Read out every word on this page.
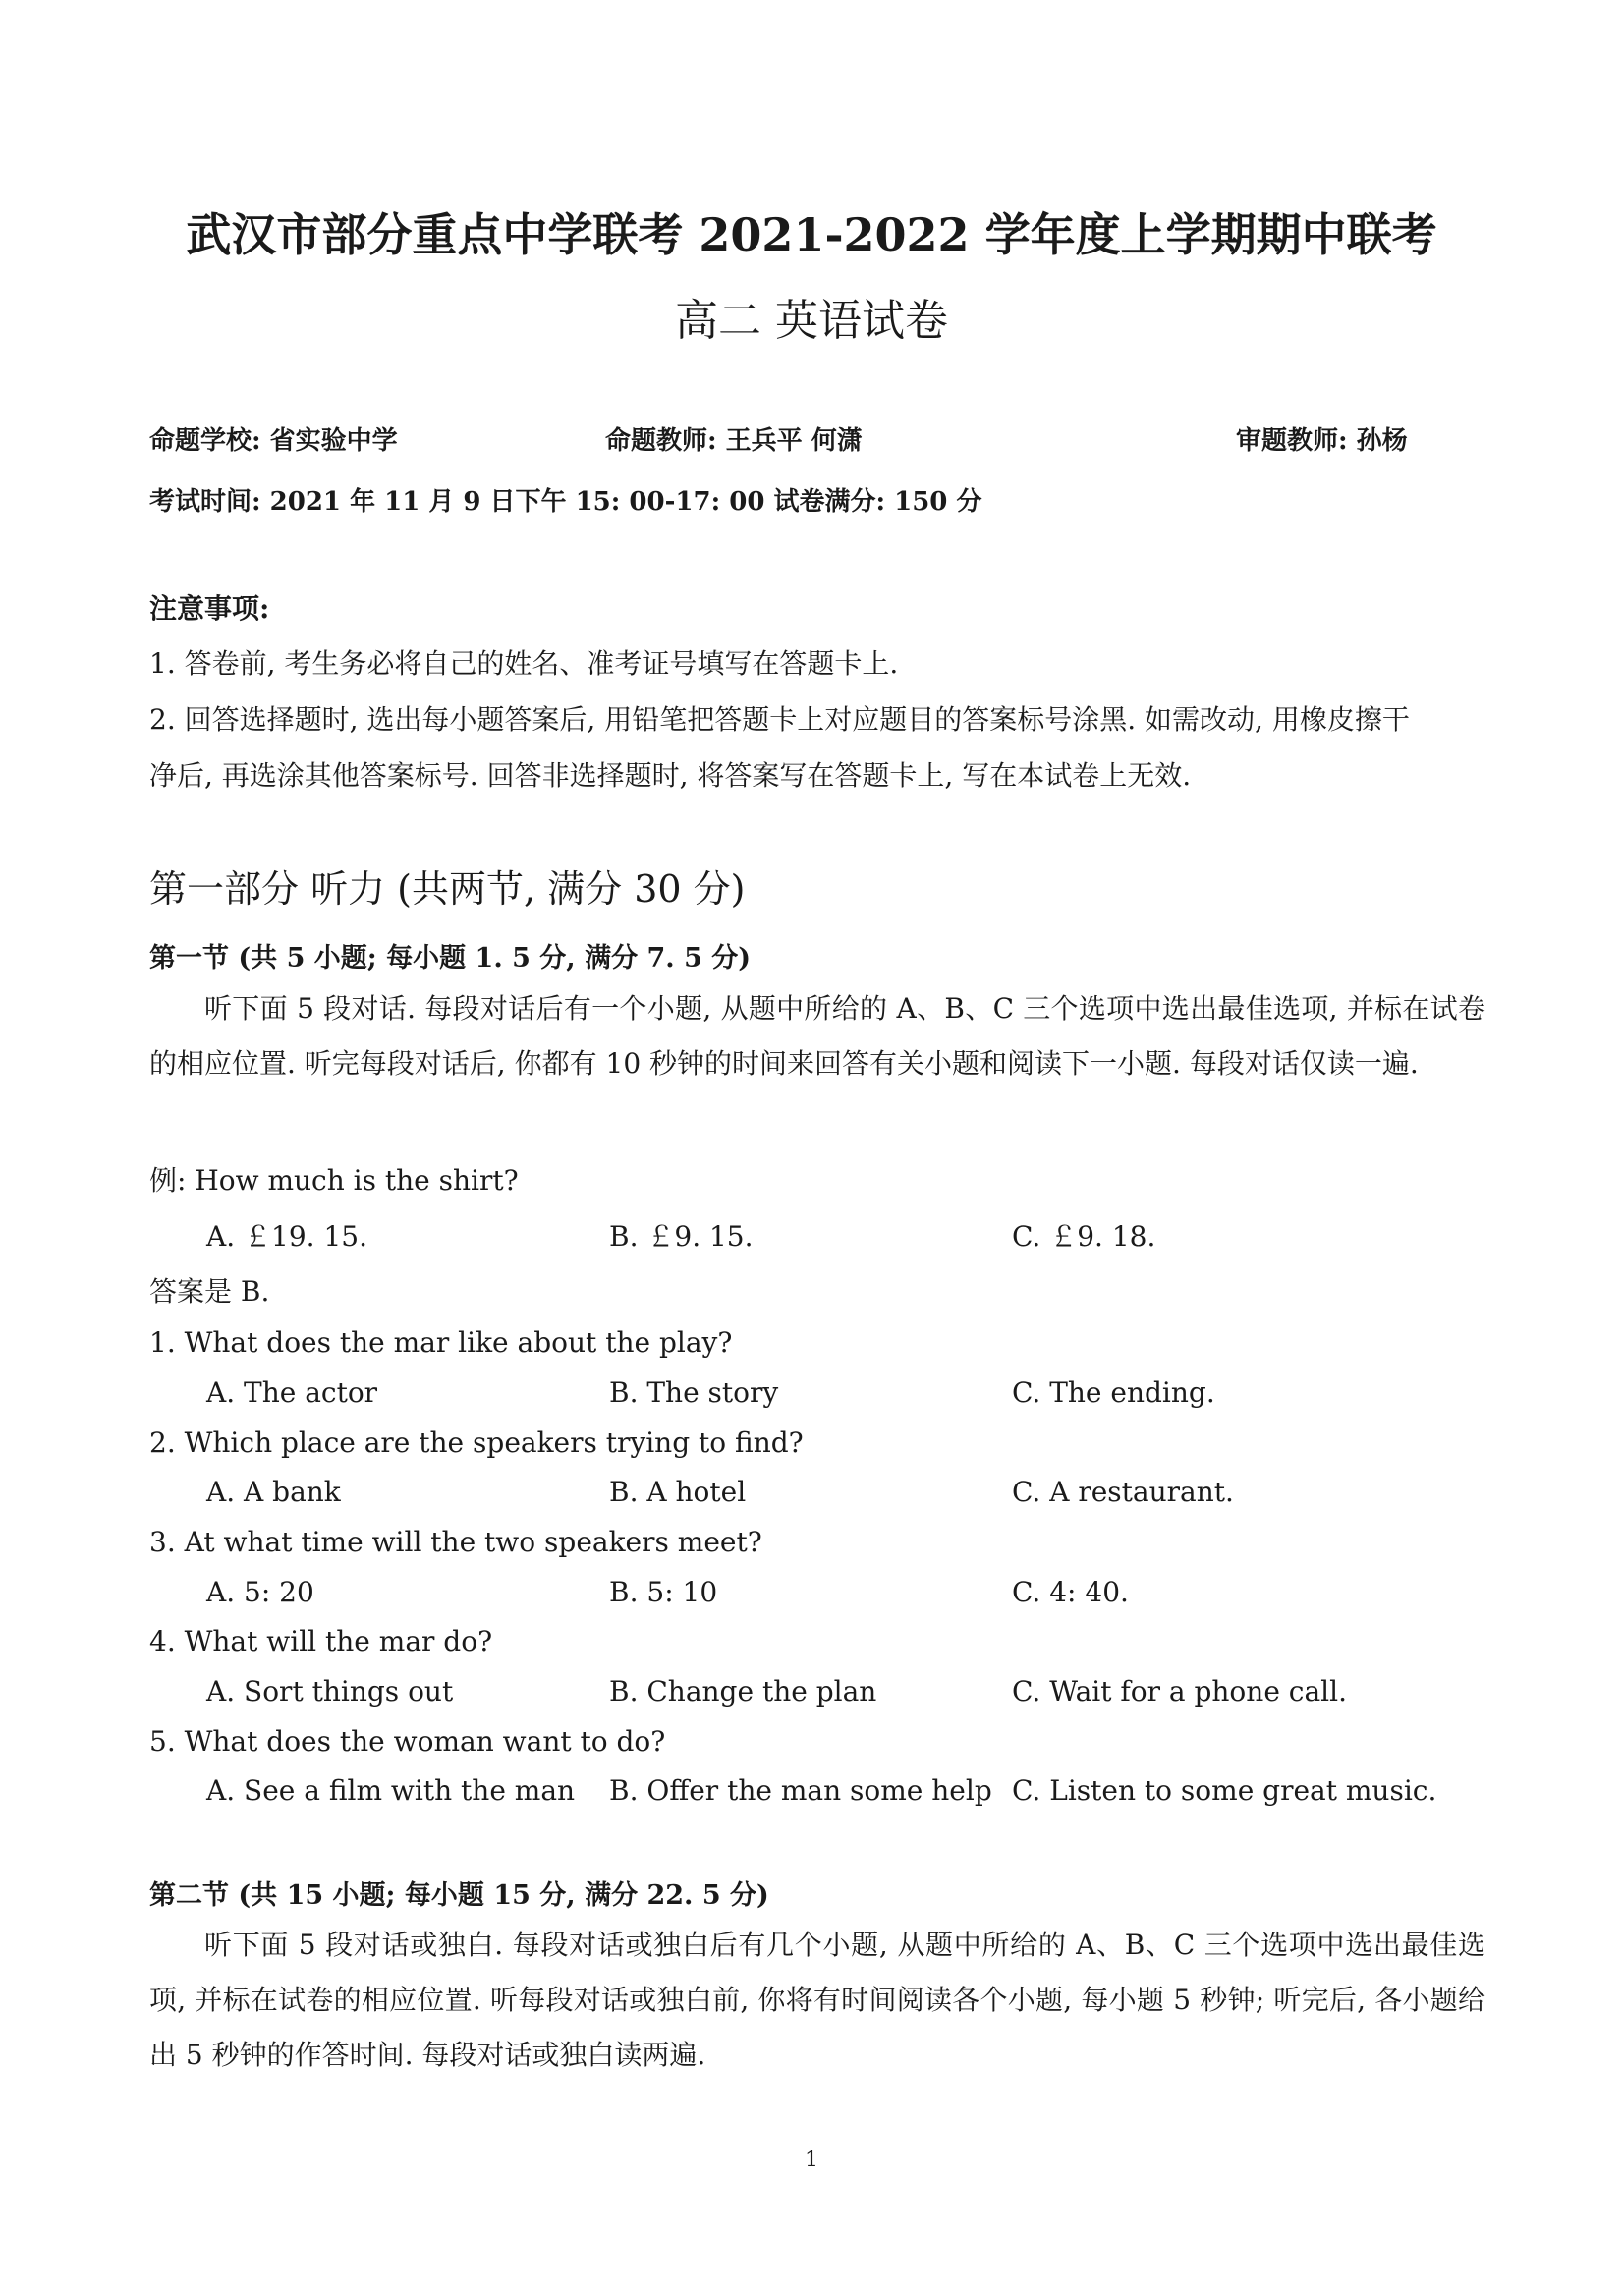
武汉市部分重点中学联考 2021-2022 学年度上学期期中联考
高二 英语试卷
命题学校: 省实验中学	命题教师: 王兵平 何潇	审题教师: 孙杨
考试时间: 2021 年 11 月 9 日下午 15: 00-17: 00 试卷满分: 150 分
注意事项:
1. 答卷前, 考生务必将自己的姓名、准考证号填写在答题卡上.
2. 回答选择题时, 选出每小题答案后, 用铅笔把答题卡上对应题目的答案标号涂黑. 如需改动, 用橡皮擦干
净后, 再选涂其他答案标号. 回答非选择题时, 将答案写在答题卡上, 写在本试卷上无效.
第一部分 听力 (共两节, 满分 30 分)
第一节 (共 5 小题; 每小题 1. 5 分, 满分 7. 5 分)
听下面 5 段对话. 每段对话后有一个小题, 从题中所给的 A、B、C 三个选项中选出最佳选项, 并标在试卷的相应位置. 听完每段对话后, 你都有 10 秒钟的时间来回答有关小题和阅读下一小题. 每段对话仅读一遍.
例: How much is the shirt?
A. ￡19. 15.	B. ￡9. 15.	C. ￡9. 18.
答案是 B.
1. What does the mar like about the play?
A. The actor	B. The story	C. The ending.
2. Which place are the speakers trying to find?
A. A bank	B. A hotel	C. A restaurant.
3. At what time will the two speakers meet?
A. 5: 20	B. 5: 10	C. 4: 40.
4. What will the mar do?
A. Sort things out	B. Change the plan	C. Wait for a phone call.
5. What does the woman want to do?
A. See a film with the man B. Offer the man some help C. Listen to some great music.
第二节 (共 15 小题; 每小题 15 分, 满分 22. 5 分)
听下面 5 段对话或独白. 每段对话或独白后有几个小题, 从题中所给的 A、B、C 三个选项中选出最佳选项, 并标在试卷的相应位置. 听每段对话或独白前, 你将有时间阅读各个小题, 每小题 5 秒钟; 听完后, 各小题给出 5 秒钟的作答时间. 每段对话或独白读两遍.
1
